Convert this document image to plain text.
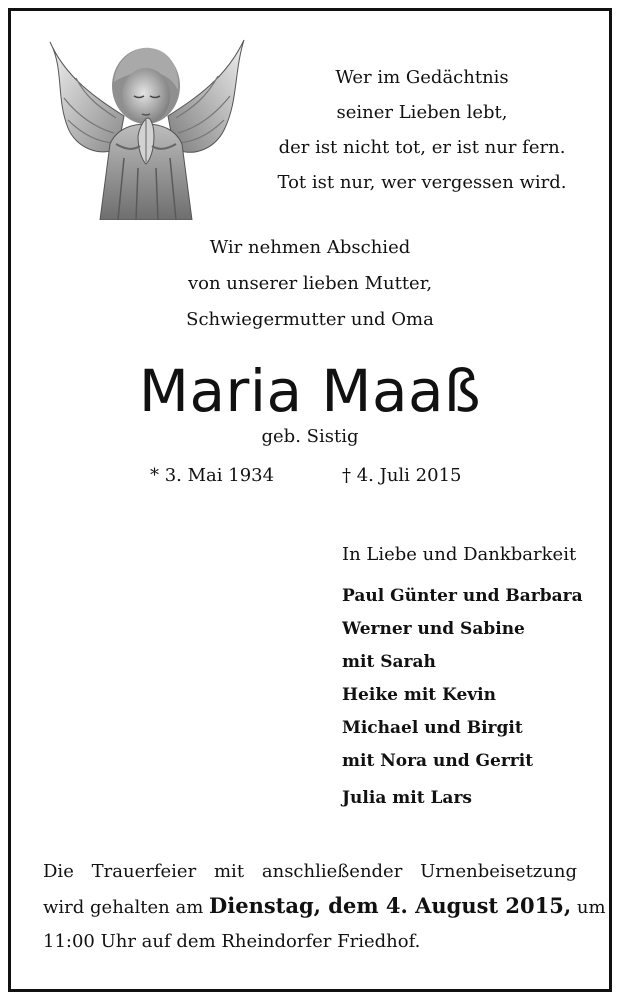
Wer im Gedächtnis
seiner Lieben lebt,
der ist nicht tot, er ist nur fern.
Tot ist nur, wer vergessen wird.
Wir nehmen Abschied
von unserer lieben Mutter,
Schwiegermutter und Oma
Maria Maaß
geb. Sistig
* 3. Mai 1934	† 4. Juli 2015
In Liebe und Dankbarkeit
Paul Günter und Barbara
Werner und Sabine
mit Sarah
Heike mit Kevin
Michael und Birgit
mit Nora und Gerrit
Julia mit Lars
Die Trauerfeier mit anschließender Urnenbeisetzung
wird gehalten am Dienstag, dem 4. August 2015, um
11:00 Uhr auf dem Rheindorfer Friedhof.
